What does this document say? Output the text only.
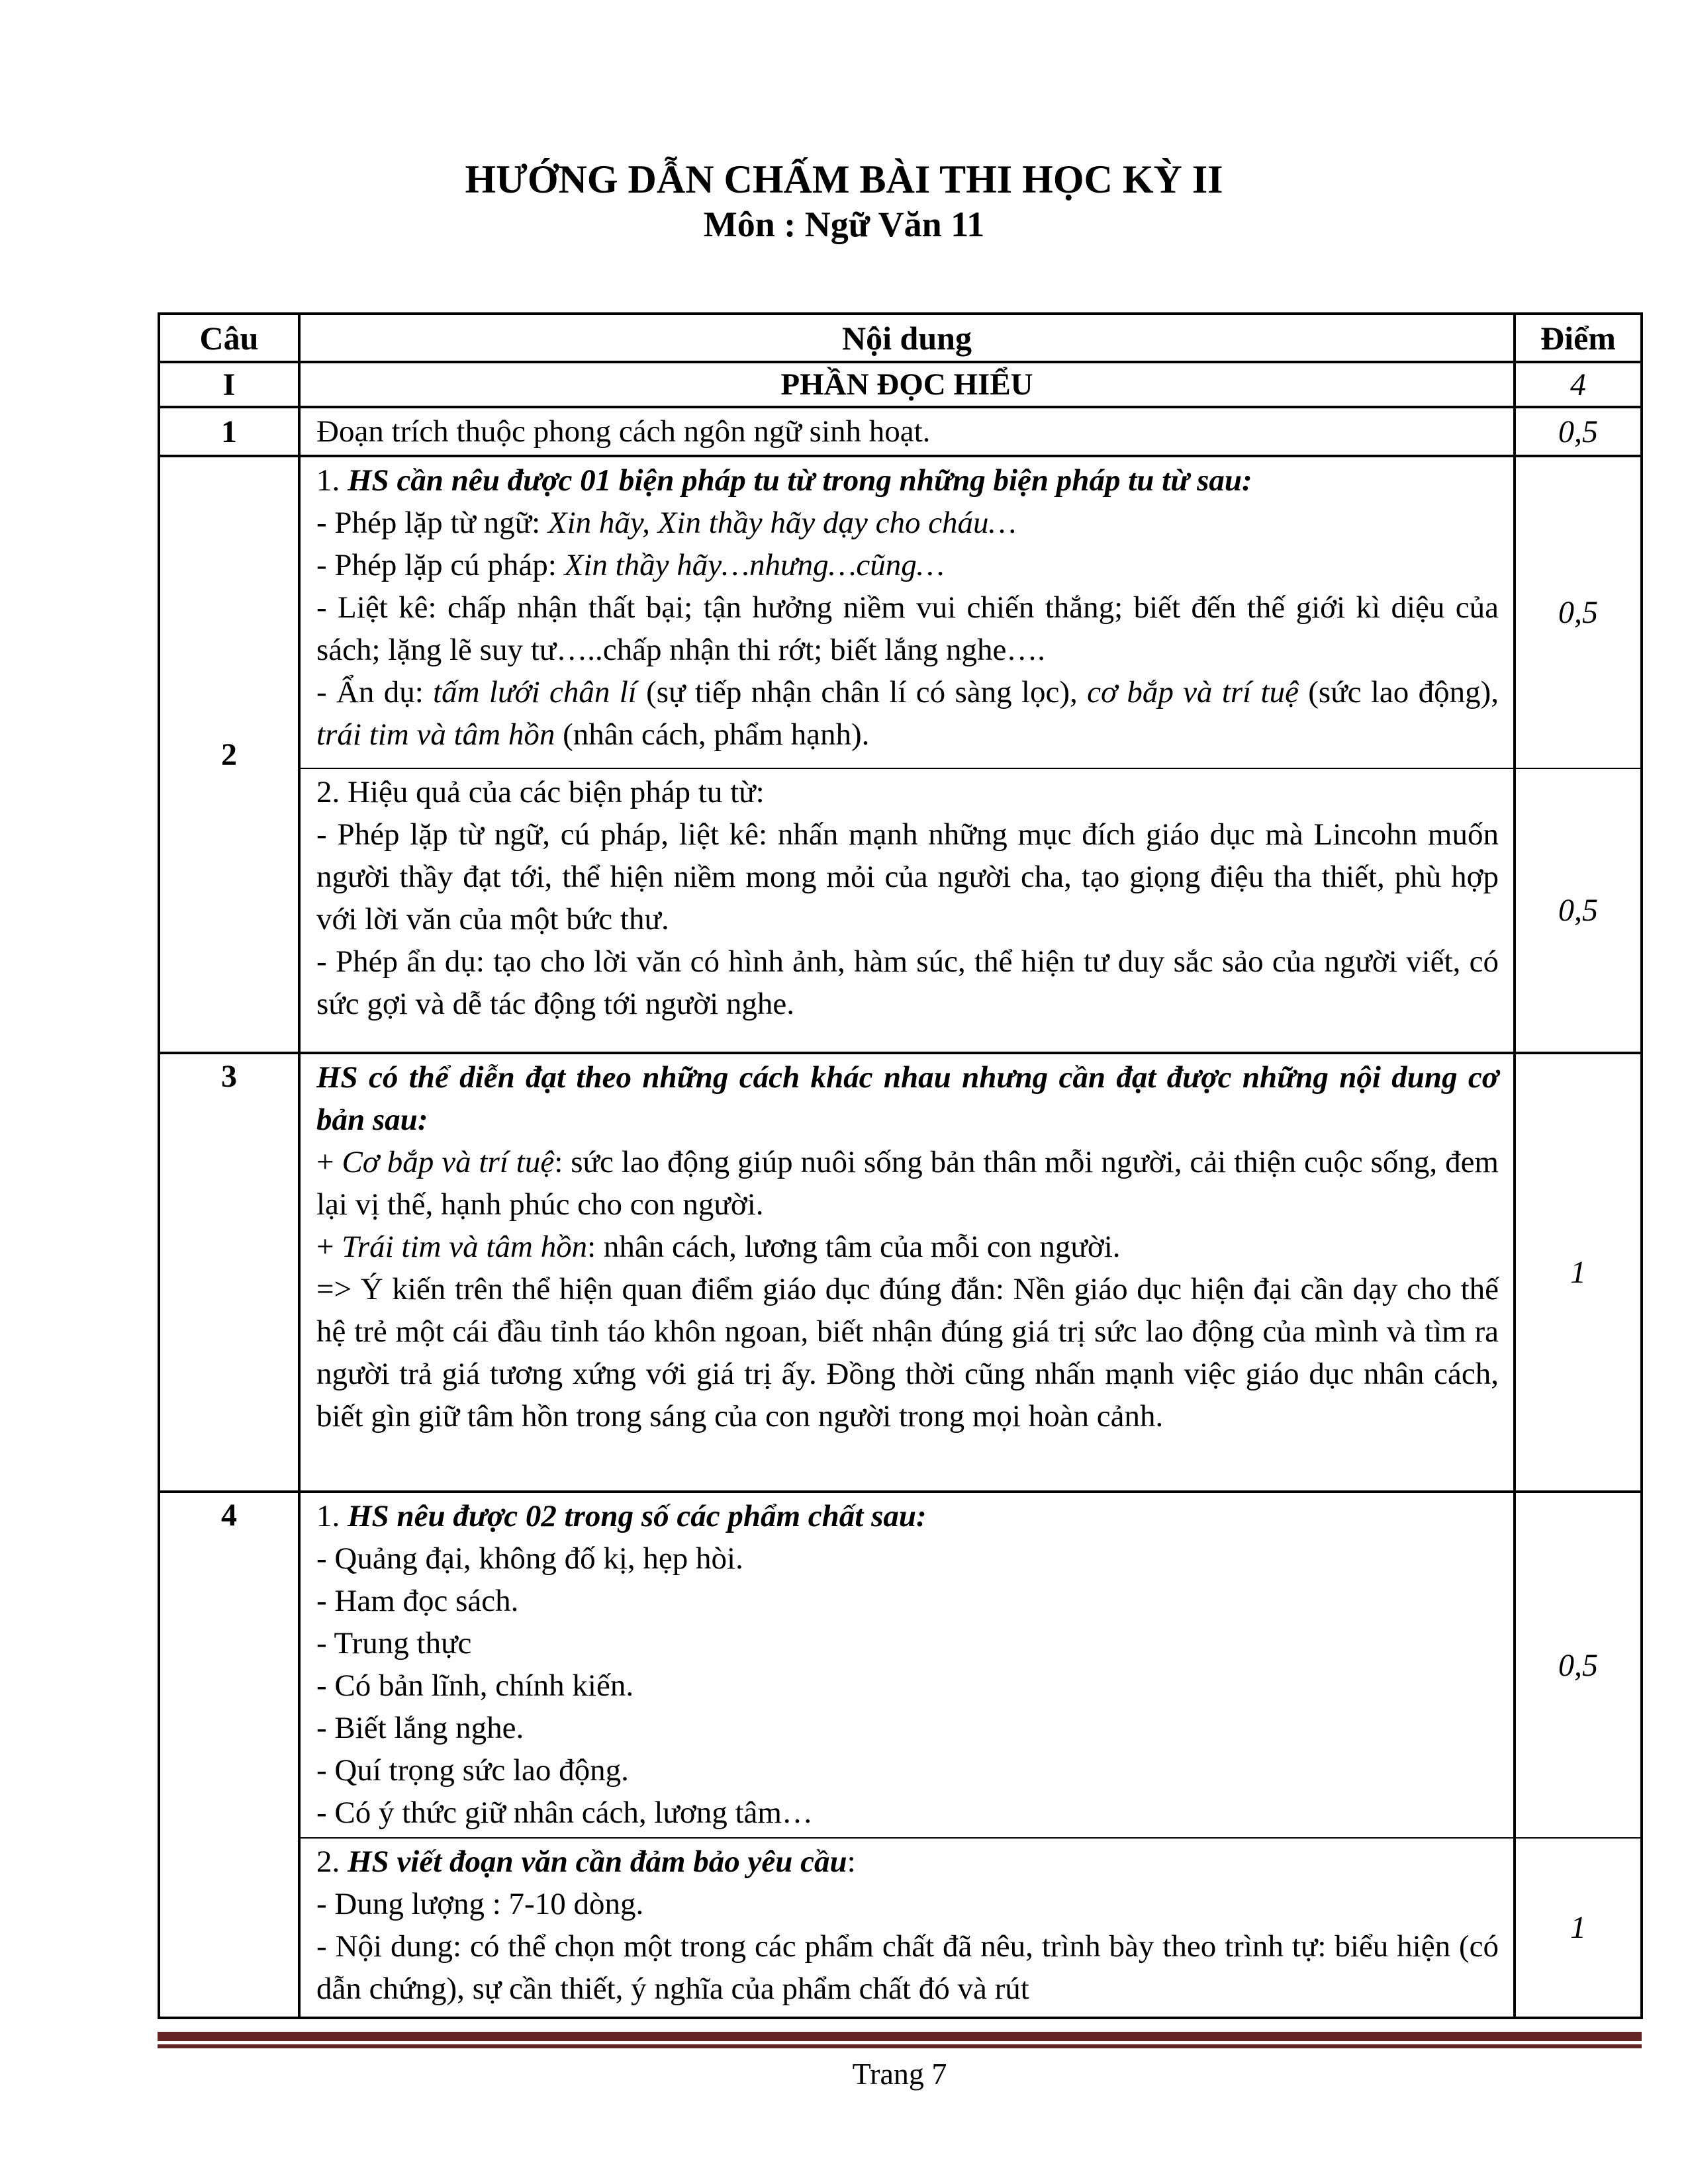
HƯỚNG DẪN CHẤM BÀI THI HỌC KỲ II
Môn : Ngữ Văn 11
Câu	Nội dung	Điểm
I	PHẦN ĐỌC HIỂU	4
1	Đoạn trích thuộc phong cách ngôn ngữ sinh hoạt.	0,5
2	1. HS cần nêu được 01 biện pháp tu từ trong những biện pháp tu từ sau:

- Phép lặp từ ngữ: Xin hãy, Xin thầy hãy dạy cho cháu…

- Phép lặp cú pháp: Xin thầy hãy…nhưng…cũng…

- Liệt kê: chấp nhận thất bại; tận hưởng niềm vui chiến thắng; biết đến thế giới kì diệu của sách; lặng lẽ suy tư…..chấp nhận thi rớt; biết lắng nghe….

- Ẩn dụ: tấm lưới chân lí (sự tiếp nhận chân lí có sàng lọc), cơ bắp và trí tuệ (sức lao động), trái tim và tâm hồn (nhân cách, phẩm hạnh).	0,5

	2. Hiệu quả của các biện pháp tu từ:

- Phép lặp từ ngữ, cú pháp, liệt kê: nhấn mạnh những mục đích giáo dục mà Lincohn muốn người thầy đạt tới, thể hiện niềm mong mỏi của người cha, tạo giọng điệu tha thiết, phù hợp với lời văn của một bức thư.

- Phép ẩn dụ: tạo cho lời văn có hình ảnh, hàm súc, thể hiện tư duy sắc sảo của người viết, có sức gợi và dễ tác động tới người nghe.	0,5
3	HS có thể diễn đạt theo những cách khác nhau nhưng cần đạt được những nội dung cơ bản sau:

+ Cơ bắp và trí tuệ: sức lao động giúp nuôi sống bản thân mỗi người, cải thiện cuộc sống, đem lại vị thế, hạnh phúc cho con người.

+ Trái tim và tâm hồn: nhân cách, lương tâm của mỗi con người.

=> Ý kiến trên thể hiện quan điểm giáo dục đúng đắn: Nền giáo dục hiện đại cần dạy cho thế hệ trẻ một cái đầu tỉnh táo khôn ngoan, biết nhận đúng giá trị sức lao động của mình và tìm ra người trả giá tương xứng với giá trị ấy. Đồng thời cũng nhấn mạnh việc giáo dục nhân cách, biết gìn giữ tâm hồn trong sáng của con người trong mọi hoàn cảnh.	1
4	1. HS nêu được 02 trong số các phẩm chất sau:

- Quảng đại, không đố kị, hẹp hòi.

- Ham đọc sách.

- Trung thực

- Có bản lĩnh, chính kiến.

- Biết lắng nghe.

- Quí trọng sức lao động.

- Có ý thức giữ nhân cách, lương tâm…

	0,5

	2. HS viết đoạn văn cần đảm bảo yêu cầu:

- Dung lượng : 7-10 dòng.

- Nội dung: có thể chọn một trong các phẩm chất đã nêu, trình bày theo trình tự: biểu hiện (có dẫn chứng), sự cần thiết, ý nghĩa của phẩm chất đó và rút	1
Trang 7
